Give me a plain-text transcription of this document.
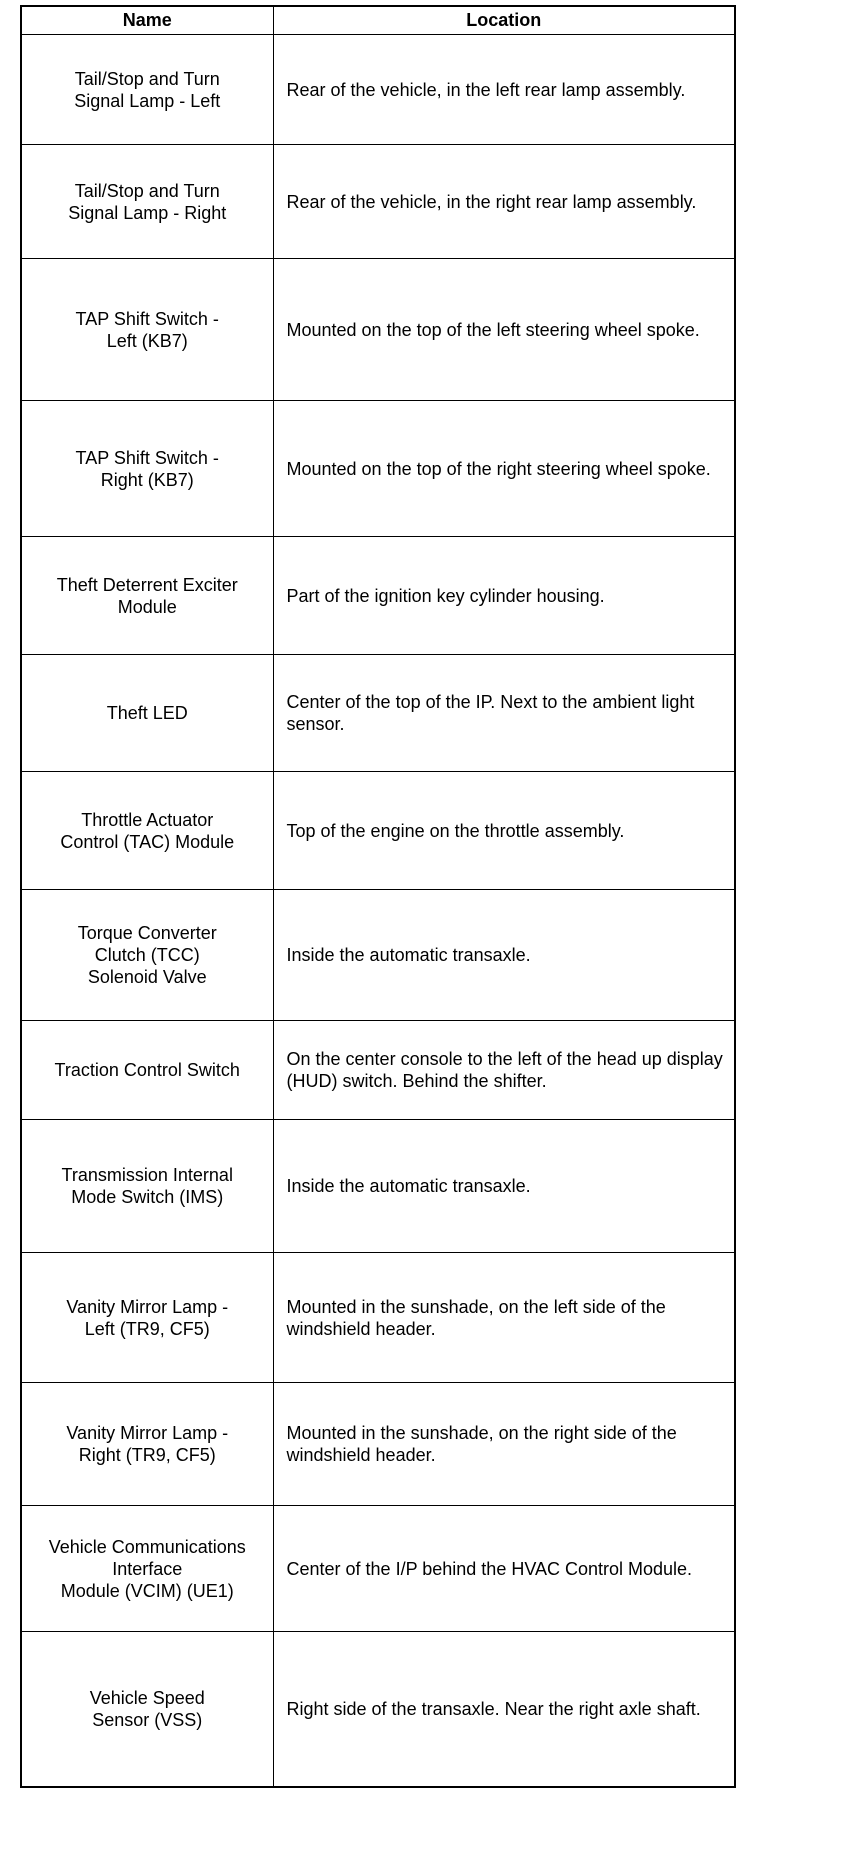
Name	Location
Tail/Stop and Turn
Signal Lamp - Left	Rear of the vehicle, in the left rear lamp assembly.
Tail/Stop and Turn
Signal Lamp - Right	Rear of the vehicle, in the right rear lamp assembly.
TAP Shift Switch -
Left (KB7)	Mounted on the top of the left steering wheel spoke.
TAP Shift Switch -
Right (KB7)	Mounted on the top of the right steering wheel spoke.
Theft Deterrent Exciter
Module	Part of the ignition key cylinder housing.
Theft LED	Center of the top of the IP. Next to the ambient light sensor.
Throttle Actuator
Control (TAC) Module	Top of the engine on the throttle assembly.
Torque Converter
Clutch (TCC)
Solenoid Valve	Inside the automatic transaxle.
Traction Control Switch	On the center console to the left of the head up display (HUD) switch. Behind the shifter.
Transmission Internal
Mode Switch (IMS)	Inside the automatic transaxle.
Vanity Mirror Lamp -
Left (TR9, CF5)	Mounted in the sunshade, on the left side of the windshield header.
Vanity Mirror Lamp -
Right (TR9, CF5)	Mounted in the sunshade, on the right side of the windshield header.
Vehicle Communications
Interface
Module (VCIM) (UE1)	Center of the I/P behind the HVAC Control Module.
Vehicle Speed
Sensor (VSS)	Right side of the transaxle. Near the right axle shaft.
